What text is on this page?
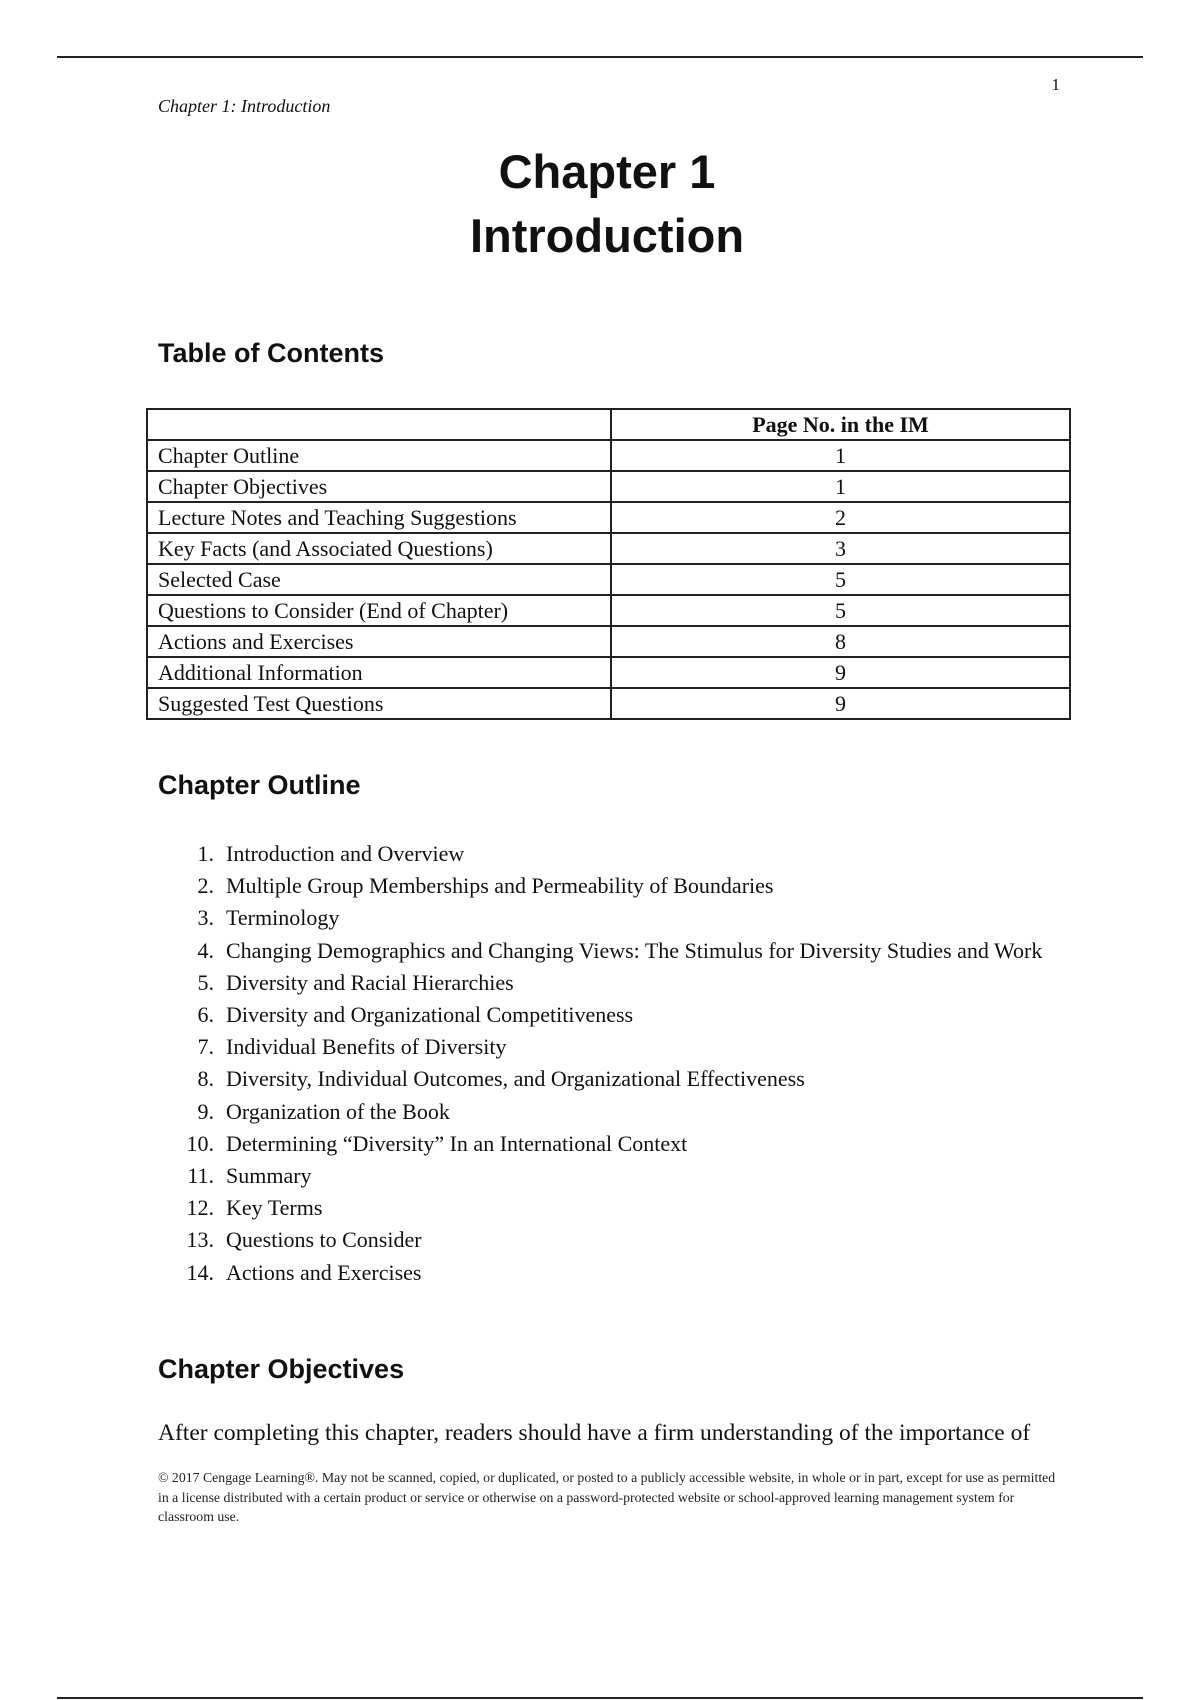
1
Chapter 1: Introduction
Chapter 1
Introduction
Table of Contents
	Page No. in the IM
Chapter Outline	1
Chapter Objectives	1
Lecture Notes and Teaching Suggestions	2
Key Facts (and Associated Questions)	3
Selected Case	5
Questions to Consider (End of Chapter)	5
Actions and Exercises	8
Additional Information	9
Suggested Test Questions	9
Chapter Outline
1. Introduction and Overview
2. Multiple Group Memberships and Permeability of Boundaries
3. Terminology
4. Changing Demographics and Changing Views: The Stimulus for Diversity Studies and Work
5. Diversity and Racial Hierarchies
6. Diversity and Organizational Competitiveness
7. Individual Benefits of Diversity
8. Diversity, Individual Outcomes, and Organizational Effectiveness
9. Organization of the Book
10. Determining “Diversity” In an International Context
11. Summary
12. Key Terms
13. Questions to Consider
14. Actions and Exercises
Chapter Objectives
After completing this chapter, readers should have a firm understanding of the importance of
© 2017 Cengage Learning®. May not be scanned, copied, or duplicated, or posted to a publicly accessible website, in whole or in part, except for use as permitted in a license distributed with a certain product or service or otherwise on a password-protected website or school-approved learning management system for classroom use.
